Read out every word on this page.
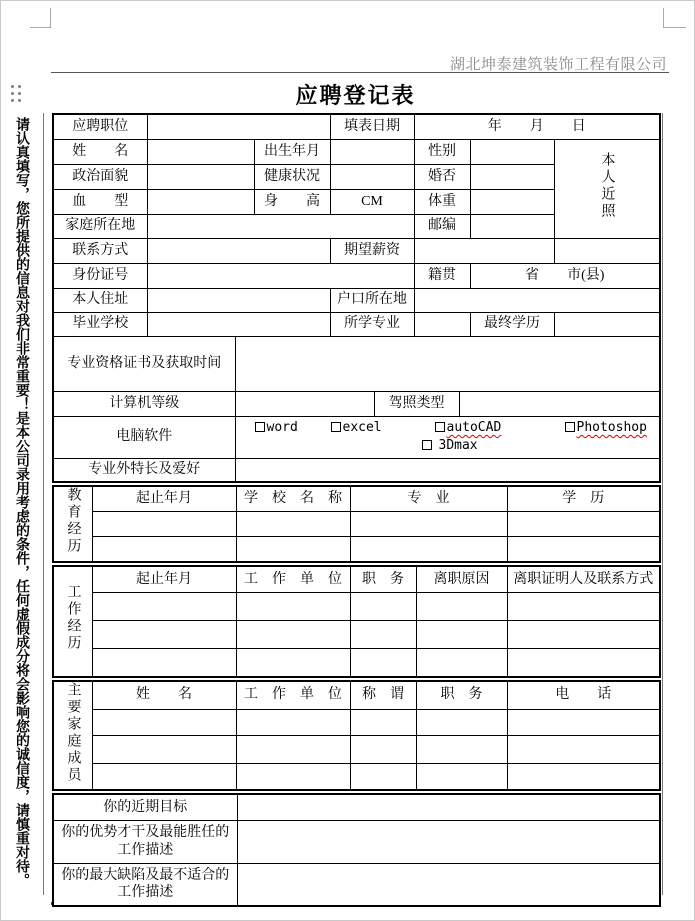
湖北坤泰建筑装饰工程有限公司
应聘登记表
请认真填写，您所提供的信息对我们非常重要！是本公司录用考虑的条件，任何虚假成分将会影响您的诚信度，请慎重对待。	应聘职位				填表日期		年　　月　　日			
姓　　名			出生年月			性别			本人近照
政治面貌			健康状况			婚否			
血　　型			身　　高	CM		体重			
家庭所在地						邮编			
联系方式				期望薪资					
身份证号						籍贯		省　　市(县)	
本人住址				户口所在地					
毕业学校				所学专业				最终学历	
专业资格证书及获取时间									
计算机等级					驾照类型				
电脑软件		word excel autoCAD Photoshop
3Dmax							

专业外特长及爱好									
教育经历	起止年月	学　校　名　称	专　业	学　历

工作经历	起止年月	工　作　单　位	职　务	离职原因	离职证明人及联系方式

主要家庭成员	姓　　名	工　作　单　位	称　谓	职　务	电　　话

你的近期目标	
你的优势才干及最能胜任的工作描述	
你的最大缺陷及最不适合的工作描述	
